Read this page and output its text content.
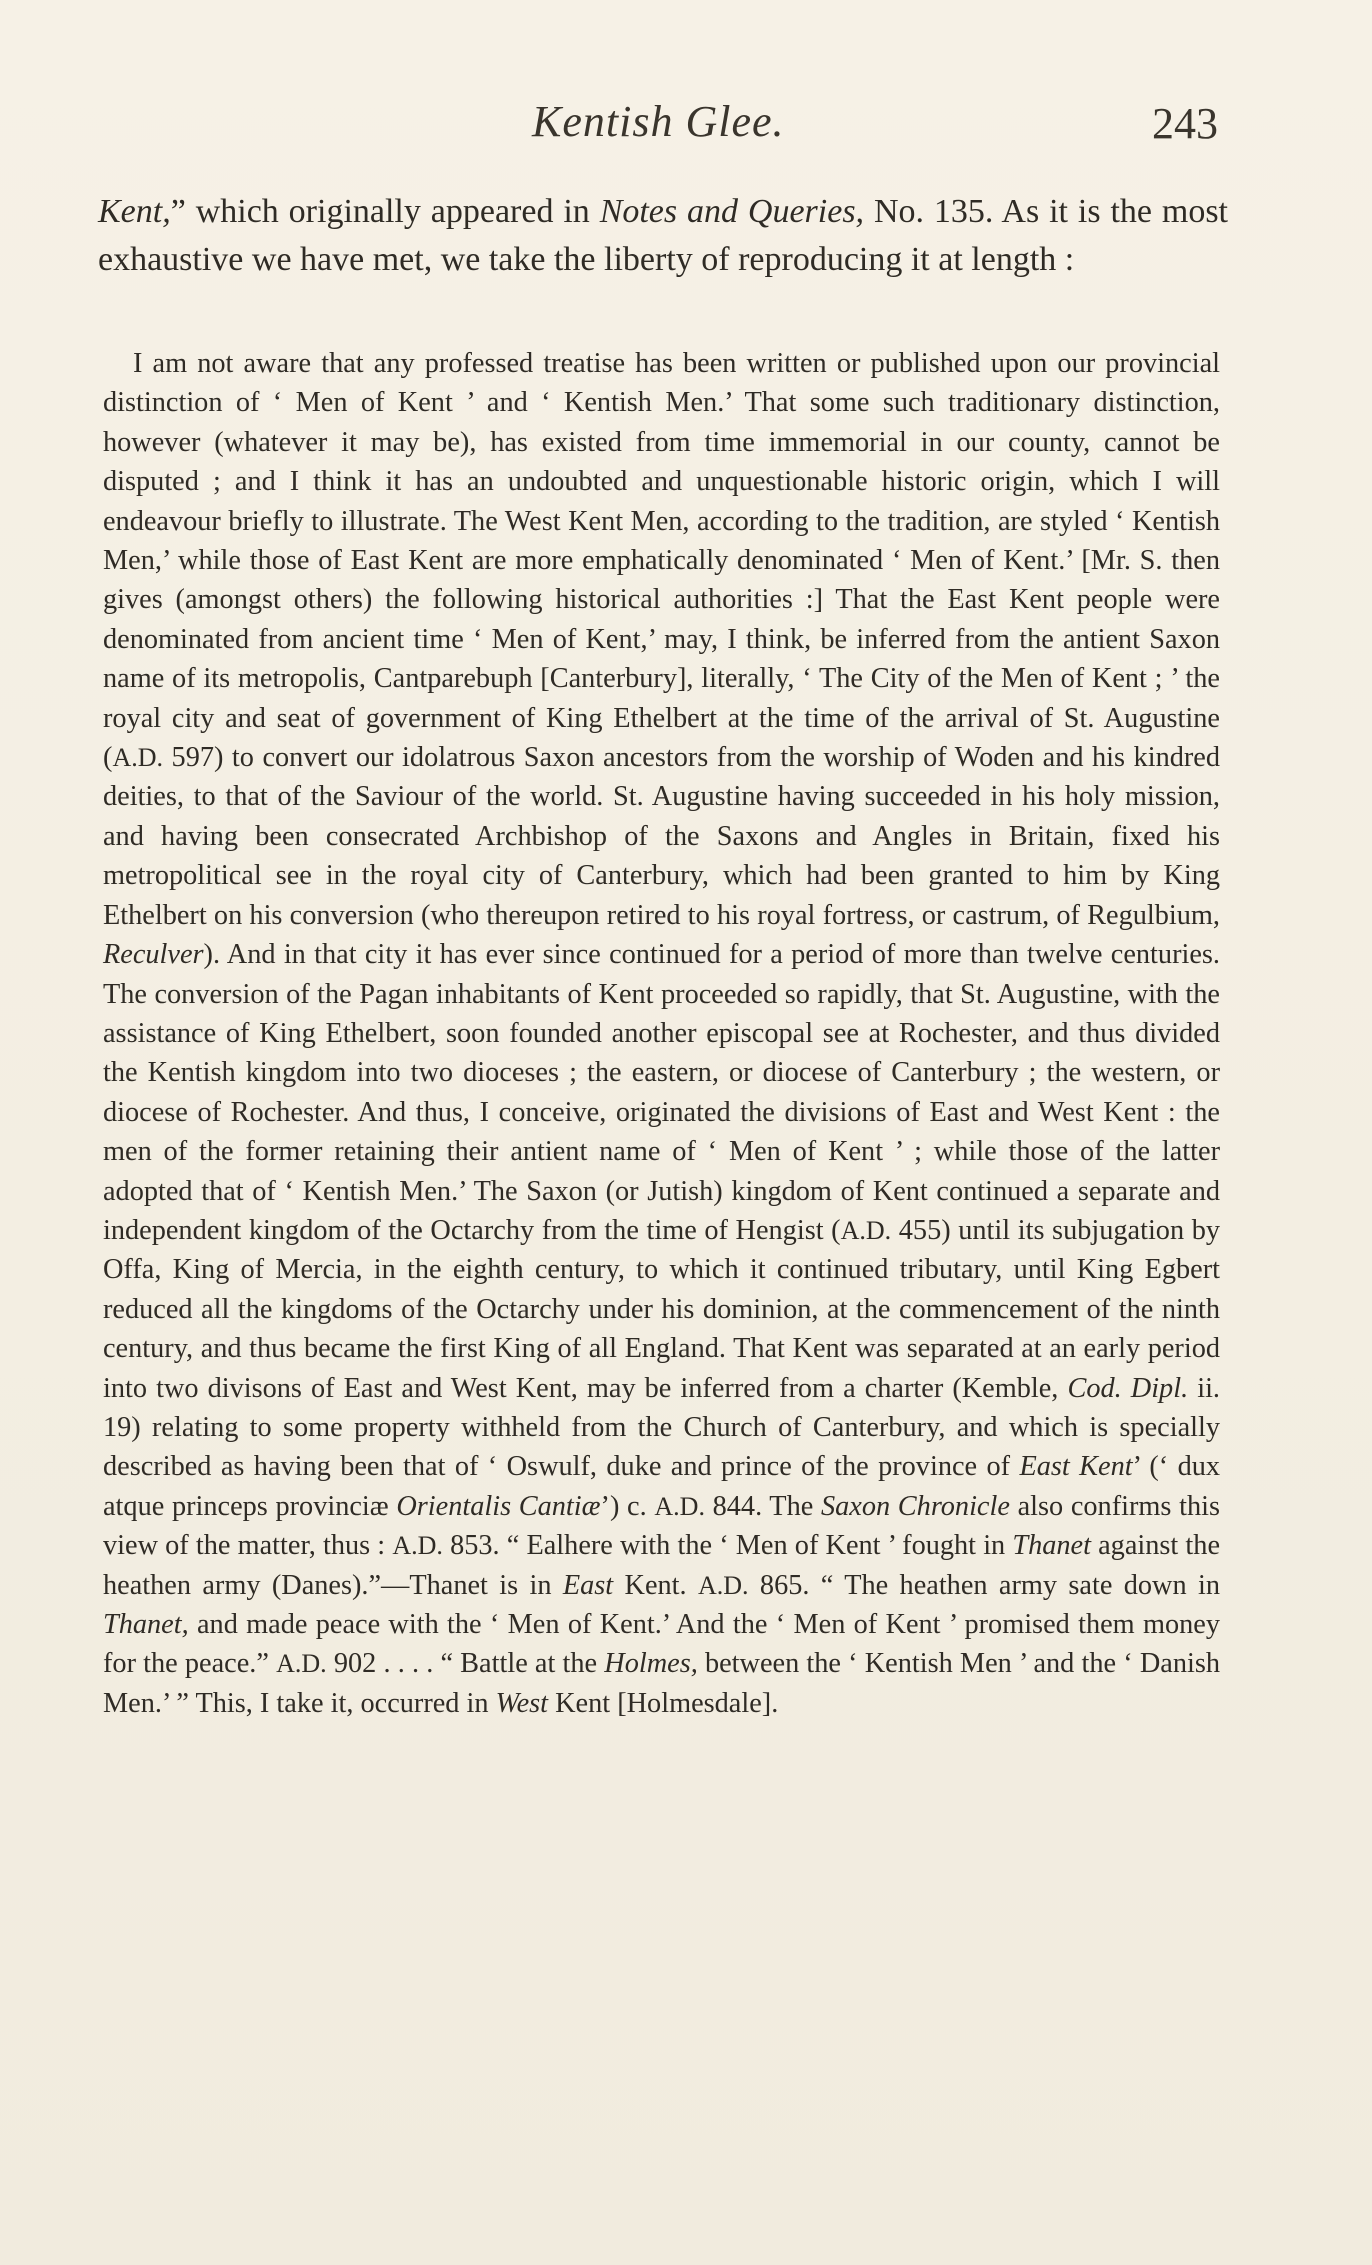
Kentish Glee.	243

Kent,” which originally appeared in Notes and Queries, No. 135. As it is the most exhaustive we have met, we take the liberty of reproducing it at length :

I am not aware that any professed treatise has been written or published upon our provincial distinction of ‘ Men of Kent ’ and ‘ Kentish Men.’ That some such traditionary distinction, however (whatever it may be), has existed from time immemorial in our county, cannot be disputed ; and I think it has an undoubted and unquestionable historic origin, which I will endeavour briefly to illustrate. The West Kent Men, according to the tradition, are styled ‘ Kentish Men,’ while those of East Kent are more emphatically denominated ‘ Men of Kent.’ [Mr. S. then gives (amongst others) the following historical authorities :] That the East Kent people were denominated from ancient time ‘ Men of Kent,’ may, I think, be inferred from the antient Saxon name of its metropolis, Cantparebuph [Canterbury], literally, ‘ The City of the Men of Kent ; ’ the royal city and seat of government of King Ethelbert at the time of the arrival of St. Augustine (A.D. 597) to convert our idolatrous Saxon ancestors from the worship of Woden and his kindred deities, to that of the Saviour of the world. St. Augustine having succeeded in his holy mission, and having been consecrated Archbishop of the Saxons and Angles in Britain, fixed his metropolitical see in the royal city of Canterbury, which had been granted to him by King Ethelbert on his conversion (who thereupon retired to his royal fortress, or castrum, of Regulbium, Reculver). And in that city it has ever since continued for a period of more than twelve centuries. The conversion of the Pagan inhabitants of Kent proceeded so rapidly, that St. Augustine, with the assistance of King Ethelbert, soon founded another episcopal see at Rochester, and thus divided the Kentish kingdom into two dioceses ; the eastern, or diocese of Canterbury ; the western, or diocese of Rochester. And thus, I conceive, originated the divisions of East and West Kent : the men of the former retaining their antient name of ‘ Men of Kent ’ ; while those of the latter adopted that of ‘ Kentish Men.’ The Saxon (or Jutish) kingdom of Kent continued a separate and independent kingdom of the Octarchy from the time of Hengist (A.D. 455) until its subjugation by Offa, King of Mercia, in the eighth century, to which it continued tributary, until King Egbert reduced all the kingdoms of the Octarchy under his dominion, at the commencement of the ninth century, and thus became the first King of all England. That Kent was separated at an early period into two divisons of East and West Kent, may be inferred from a charter (Kemble, Cod. Dipl. ii. 19) relating to some property withheld from the Church of Canterbury, and which is specially described as having been that of ‘ Oswulf, duke and prince of the province of East Kent’ (‘ dux atque princeps provinciæ Orientalis Cantiæ’) c. A.D. 844. The Saxon Chronicle also confirms this view of the matter, thus : A.D. 853. “ Ealhere with the ‘ Men of Kent ’ fought in Thanet against the heathen army (Danes).”—Thanet is in East Kent. A.D. 865. “ The heathen army sate down in Thanet, and made peace with the ‘ Men of Kent.’ And the ‘ Men of Kent ’ promised them money for the peace.” A.D. 902 . . . . “ Battle at the Holmes, between the ‘ Kentish Men ’ and the ‘ Danish Men.’ ” This, I take it, occurred in West Kent [Holmesdale].
